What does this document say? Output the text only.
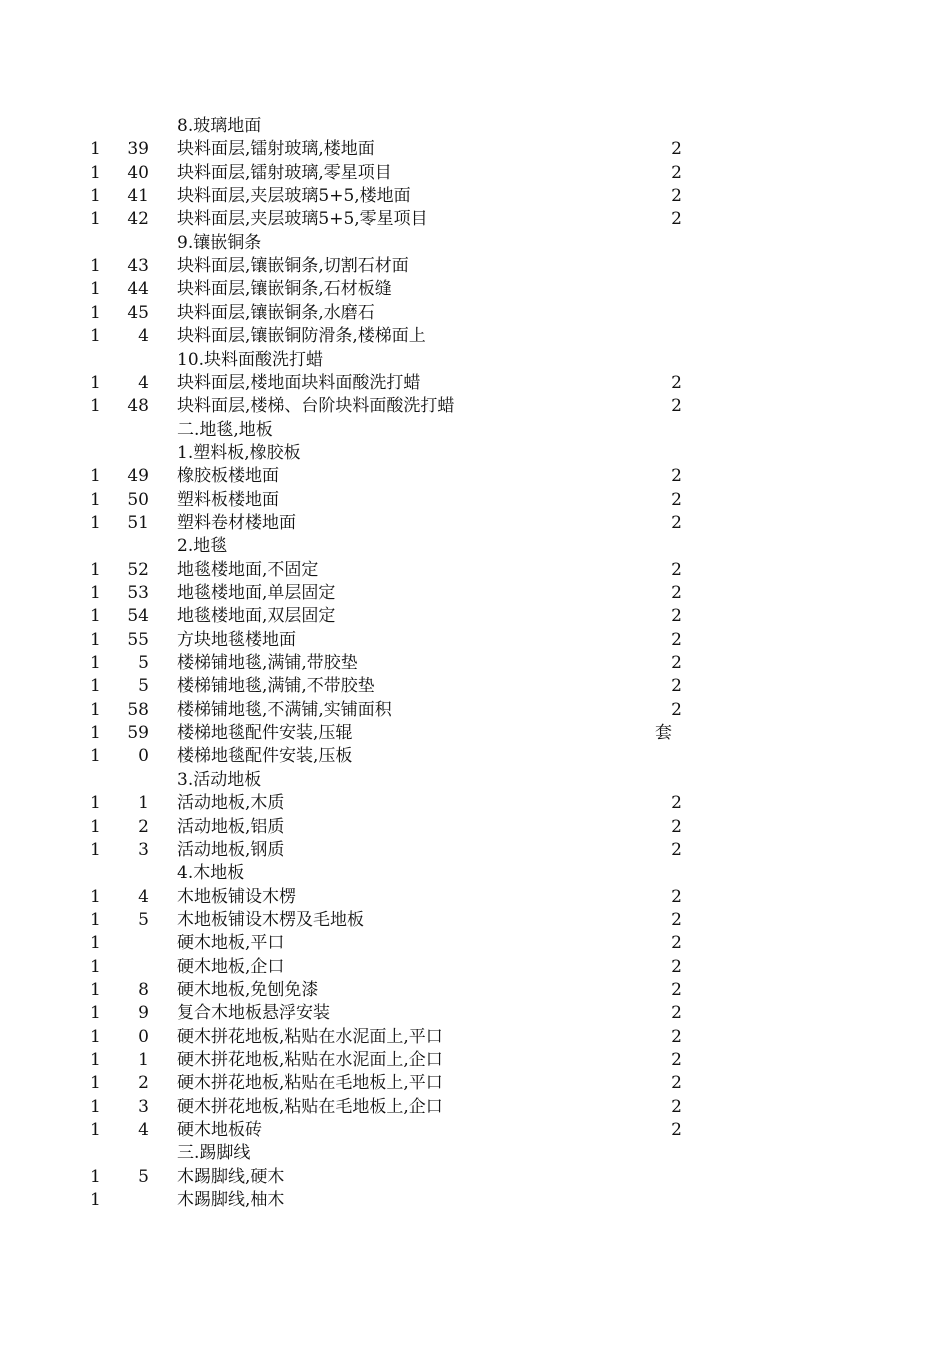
8.玻璃地面
1	39 块料面层,镭射玻璃,楼地面	2
1	40 块料面层,镭射玻璃,零星项目	2
1	41 块料面层,夹层玻璃5+5,楼地面	2
1	42 块料面层,夹层玻璃5+5,零星项目	2
9.镶嵌铜条
1	43 块料面层,镶嵌铜条,切割石材面
1	44 块料面层,镶嵌铜条,石材板缝
1	45 块料面层,镶嵌铜条,水磨石
1	4 块料面层,镶嵌铜防滑条,楼梯面上
10.块料面酸洗打蜡
1	4 块料面层,楼地面块料面酸洗打蜡	2
1	48 块料面层,楼梯、台阶块料面酸洗打蜡	2
二.地毯,地板
1.塑料板,橡胶板
1	49 橡胶板楼地面	2
1	50 塑料板楼地面	2
1	51 塑料卷材楼地面	2
2.地毯
1	52 地毯楼地面,不固定	2
1	53 地毯楼地面,单层固定	2
1	54 地毯楼地面,双层固定	2
1	55 方块地毯楼地面	2
1	5 楼梯铺地毯,满铺,带胶垫	2
1	5 楼梯铺地毯,满铺,不带胶垫	2
1	58 楼梯铺地毯,不满铺,实铺面积	2
1	59 楼梯地毯配件安装,压辊	套
1	0 楼梯地毯配件安装,压板
3.活动地板
1	1 活动地板,木质	2
1	2 活动地板,铝质	2
1	3 活动地板,钢质	2
4.木地板
1	4 木地板铺设木楞	2
1	5 木地板铺设木楞及毛地板	2
1	硬木地板,平口	2
1	硬木地板,企口	2
1	8 硬木地板,免刨免漆	2
1	9 复合木地板悬浮安装	2
1	0 硬木拼花地板,粘贴在水泥面上,平口	2
1	1 硬木拼花地板,粘贴在水泥面上,企口	2
1	2 硬木拼花地板,粘贴在毛地板上,平口	2
1	3 硬木拼花地板,粘贴在毛地板上,企口	2
1	4 硬木地板砖	2
三.踢脚线
1	5 木踢脚线,硬木
1	木踢脚线,柚木
